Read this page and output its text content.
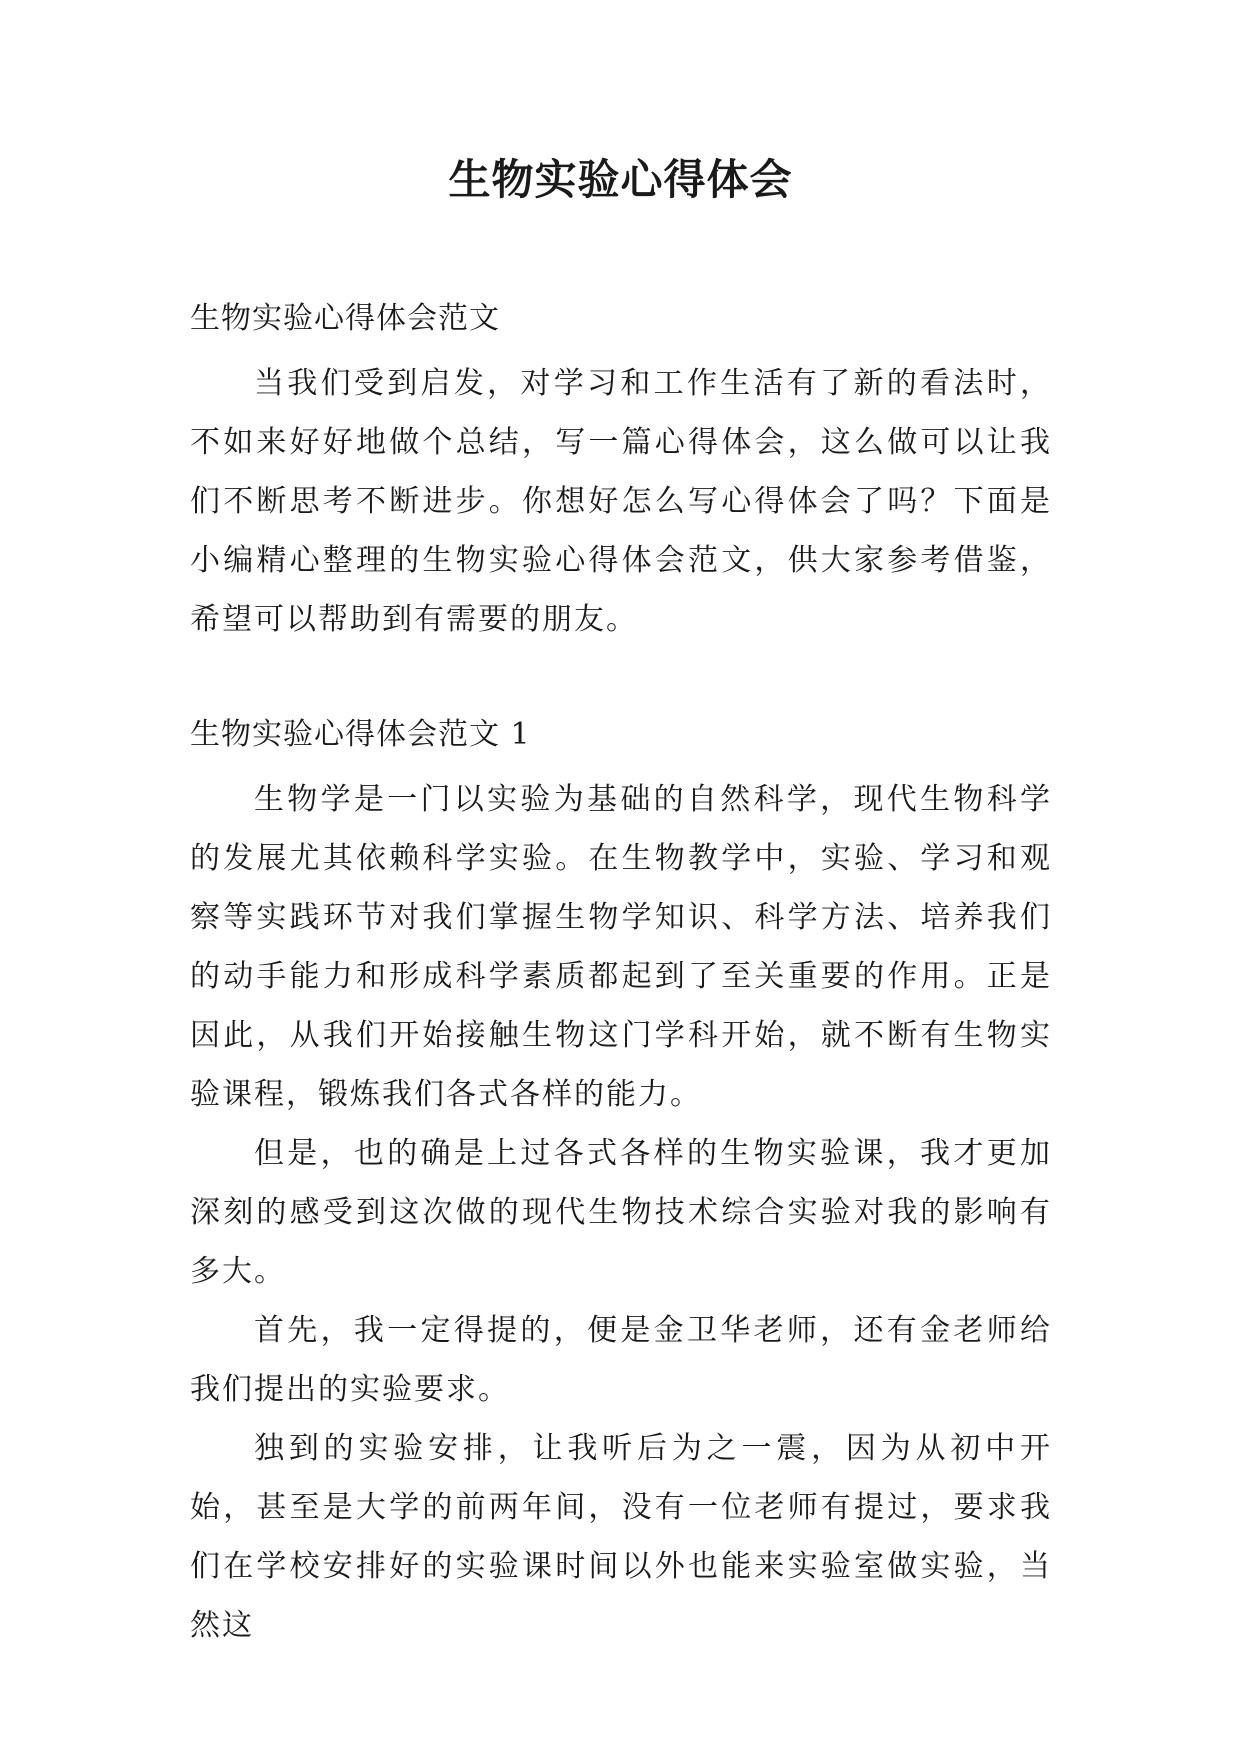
生物实验心得体会

生物实验心得体会范文

当我们受到启发，对学习和工作生活有了新的看法时，不如来好好地做个总结，写一篇心得体会，这么做可以让我们不断思考不断进步。你想好怎么写心得体会了吗？下面是小编精心整理的生物实验心得体会范文，供大家参考借鉴，希望可以帮助到有需要的朋友。

生物实验心得体会范文 1

生物学是一门以实验为基础的自然科学，现代生物科学的发展尤其依赖科学实验。在生物教学中，实验、学习和观察等实践环节对我们掌握生物学知识、科学方法、培养我们的动手能力和形成科学素质都起到了至关重要的作用。正是因此，从我们开始接触生物这门学科开始，就不断有生物实验课程，锻炼我们各式各样的能力。

但是，也的确是上过各式各样的生物实验课，我才更加深刻的感受到这次做的现代生物技术综合实验对我的影响有多大。

首先，我一定得提的，便是金卫华老师，还有金老师给我们提出的实验要求。

独到的实验安排，让我听后为之一震，因为从初中开始，甚至是大学的前两年间，没有一位老师有提过，要求我们在学校安排好的实验课时间以外也能来实验室做实验，当然这
